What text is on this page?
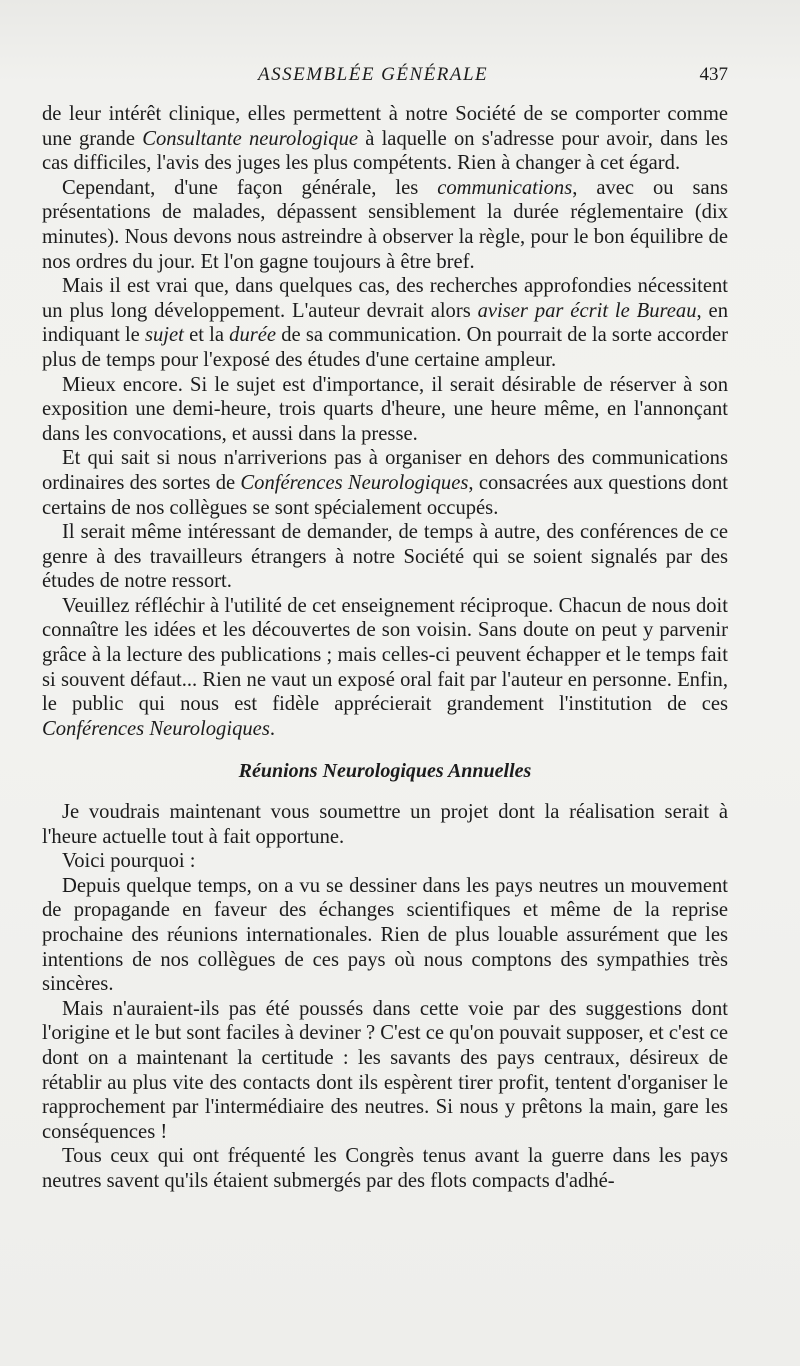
ASSEMBLÉE GÉNÉRALE	437

de leur intérêt clinique, elles permettent à notre Société de se comporter comme une grande Consultante neurologique à laquelle on s'adresse pour avoir, dans les cas difficiles, l'avis des juges les plus compétents. Rien à changer à cet égard.

Cependant, d'une façon générale, les communications, avec ou sans présentations de malades, dépassent sensiblement la durée réglementaire (dix minutes). Nous devons nous astreindre à observer la règle, pour le bon équilibre de nos ordres du jour. Et l'on gagne toujours à être bref.

Mais il est vrai que, dans quelques cas, des recherches approfondies nécessitent un plus long développement. L'auteur devrait alors aviser par écrit le Bureau, en indiquant le sujet et la durée de sa communication. On pourrait de la sorte accorder plus de temps pour l'exposé des études d'une certaine ampleur.

Mieux encore. Si le sujet est d'importance, il serait désirable de réserver à son exposition une demi-heure, trois quarts d'heure, une heure même, en l'annonçant dans les convocations, et aussi dans la presse.

Et qui sait si nous n'arriverions pas à organiser en dehors des communications ordinaires des sortes de Conférences Neurologiques, consacrées aux questions dont certains de nos collègues se sont spécialement occupés.

Il serait même intéressant de demander, de temps à autre, des conférences de ce genre à des travailleurs étrangers à notre Société qui se soient signalés par des études de notre ressort.

Veuillez réfléchir à l'utilité de cet enseignement réciproque. Chacun de nous doit connaître les idées et les découvertes de son voisin. Sans doute on peut y parvenir grâce à la lecture des publications ; mais celles-ci peuvent échapper et le temps fait si souvent défaut... Rien ne vaut un exposé oral fait par l'auteur en personne. Enfin, le public qui nous est fidèle apprécierait grandement l'institution de ces Conférences Neurologiques.

Réunions Neurologiques Annuelles

Je voudrais maintenant vous soumettre un projet dont la réalisation serait à l'heure actuelle tout à fait opportune.

Voici pourquoi :

Depuis quelque temps, on a vu se dessiner dans les pays neutres un mouvement de propagande en faveur des échanges scientifiques et même de la reprise prochaine des réunions internationales. Rien de plus louable assurément que les intentions de nos collègues de ces pays où nous comptons des sympathies très sincères.

Mais n'auraient-ils pas été poussés dans cette voie par des suggestions dont l'origine et le but sont faciles à deviner ? C'est ce qu'on pouvait supposer, et c'est ce dont on a maintenant la certitude : les savants des pays centraux, désireux de rétablir au plus vite des contacts dont ils espèrent tirer profit, tentent d'organiser le rapprochement par l'intermédiaire des neutres. Si nous y prêtons la main, gare les conséquences !

Tous ceux qui ont fréquenté les Congrès tenus avant la guerre dans les pays neutres savent qu'ils étaient submergés par des flots compacts d'adhé-
